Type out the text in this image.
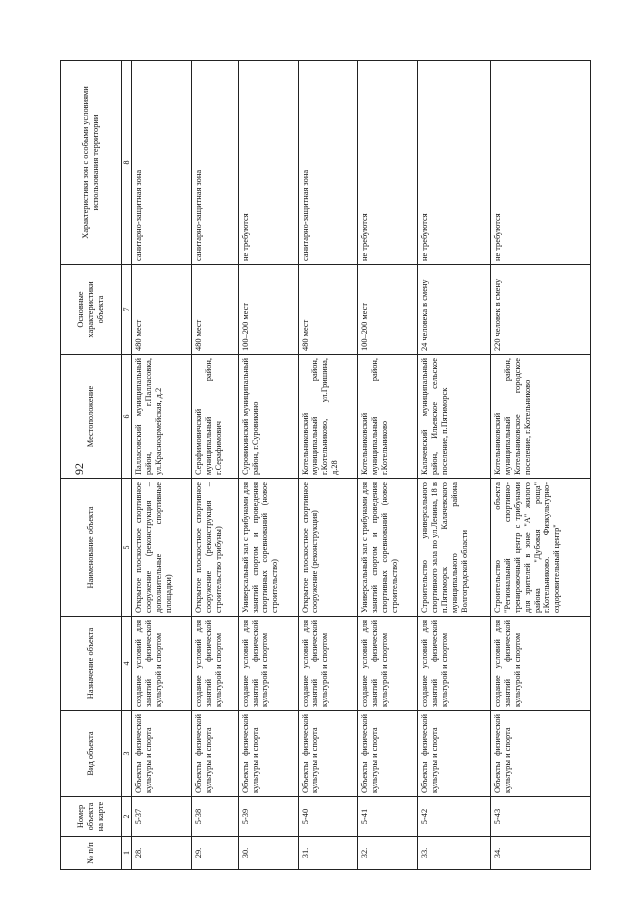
92
№ п/п	Номер объекта на карте	Вид объекта	Назначение объекта	Наименование объекта	Местоположение	Основные характеристики объекта	Характеристики зон с особыми условиями использования территории
1	2	3	4	5	6	7	8
28.	5-37	Объекты физической культуры и спорта	создание условий для занятий физической культурой и спортом	Открытое плоскостное спортивное сооружение (реконструкция – дополнительные спортивные площадки)	Палласовский муниципальный район, г.Палласовка, ул.Красноармейская, д.2	480 мест	санитарно-защитная зона
29.	5-38	Объекты физической культуры и спорта	создание условий для занятий физической культурой и спортом	Открытое плоскостное спортивное сооружение (реконструкция – строительство трибуны)	Серафимовичский муниципальный район, г.Серафимович	480 мест	санитарно-защитная зона
30.	5-39	Объекты физической культуры и спорта	создание условий для занятий физической культурой и спортом	Универсальный зал с трибунами для занятий спортом и проведения спортивных соревнований (новое строительство)	Суровикинский муниципальный район, г.Суровикино	100–200 мест	не требуются
31.	5-40	Объекты физической культуры и спорта	создание условий для занятий физической культурой и спортом	Открытое плоскостное спортивное сооружение (реконструкция)	Котельниковский муниципальный район, г.Котельниково, ул.Гришина, д.28	480 мест	санитарно-защитная зона
32.	5-41	Объекты физической культуры и спорта	создание условий для занятий физической культурой и спортом	Универсальный зал с трибунами для занятий спортом и проведения спортивных соревнований (новое строительство)	Котельниковский муниципальный район, г.Котельниково	100–200 мест	не требуются
33.	5-42	Объекты физической культуры и спорта	создание условий для занятий физической культурой и спортом	Строительство универсального спортивного зала по ул.Ленина, 18 в п.Пятиморск Калачевского муниципального района Волгоградской области	Калачевский муниципальный район, Ильевское сельское поселение, п.Пятиморск	24 человека в смену	не требуются
34.	5-43	Объекты физической культуры и спорта	создание условий для занятий физической культурой и спортом	Строительство объекта "Региональный спортивно-тренировочный центр с трибунами для зрителей в зоне "А" жилого района "Дубовая роща" г.Котельниково. Физкультурно-оздоровительный центр"	Котельниковский муниципальный район, Котельниковское городское поселение, г.Котельниково	220 человек в смену	не требуются
